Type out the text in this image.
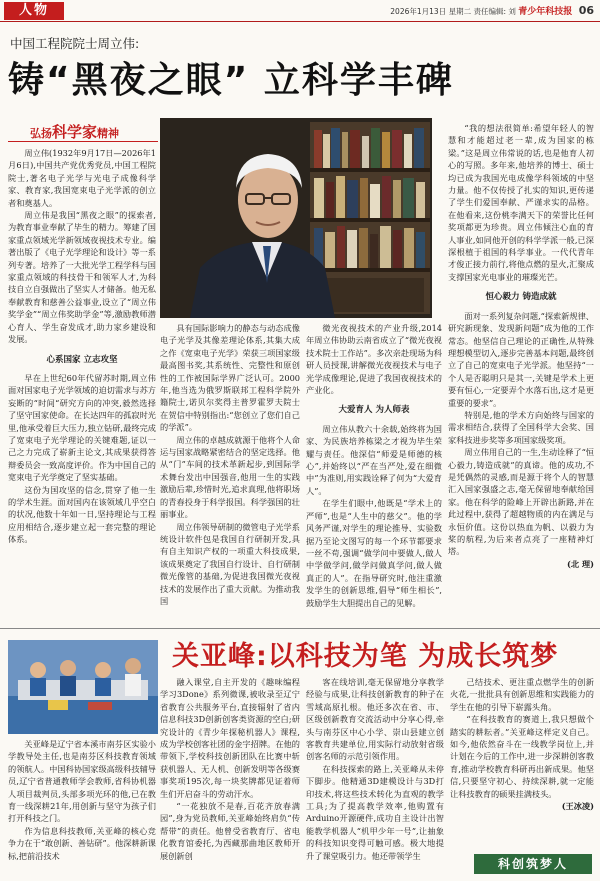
人物	2026年1月13日 星期二 责任编辑: 刘 青少年科技报 06
中国工程院院士周立伟:
铸“黑夜之眼” 立科学丰碑
弘扬科学家精神

周立伟(1932年9月17日—2026年1月6日),中国共产党优秀党员,中国工程院院士,著名电子光学与光电子成像科学家、教育家,我国宽束电子光学派的创立者和奠基人。

周立伟是我国“黑夜之眼”的探索者,为教育事业奉献了毕生的精力。筹建了国家重点领域光学新领域夜视技术专业。编著出版了《电子光学理论和设计》等一系列专著。培养了一大批光学工程学科与国家重点领域的科技骨干和领军人才,为科技自立自强做出了坚实人才储备。他无私奉献教育和慈善公益事业,设立了“周立伟奖学金”“周立伟奖助学金”等,激励教师潜心育人、学生奋发成才,助力家乡建设和发展。

心系国家 立志攻坚

早在上世纪60年代留苏时期,周立伟面对国家电子光学领域的迫切需求与苏方妄断的“时间“研究方向的冲突,毅然选择了坚守国家使命。在长达四年的孤寂时光里,他承受着巨大压力,独立钻研,最终完成了宽束电子光学理论的关键难题,证以一己之力完成了崭新主论文,其成果获得答辩委员会一致高度评价。作为中国自己的宽束电子光学奠定了坚实基础。

这份为国攻坚的信念,贯穿了他一生的学术生涯。面对国内在该领域几乎空白的状况,他数十年如一日,坚持理论与工程应用相结合,逐步建立起一套完整的理论体系。

具有国际影响力的静态与动态成像电子光学及其像差理论体系,其集大成之作《宽束电子光学》荣获三项国家级最高图书奖,其系统性、完整性和原创性的工作被国际学界广泛认可。2000年,他当选为俄罗斯联邦工程科学院外籍院士,诺贝尔奖得主普罗霍罗夫院士在贺信中特别指出:“您创立了您们自己的学派”。

周立伟的卓越成就源于他将个人命运与国家战略紧密结合的坚定选择。他从“门”车间的技术革新起步,到国际学术舞台发出中国强音,他用一生的实践激励后辈,珍惜时光,追求真理,他将职场的青春投身于科学报国。科学强国的壮丽事业。

周立伟领导研制的微管电子光学系统设计软件包是我国自行研制开发,具有自主知识产权的一项重大科技成果,该成果奠定了我国自行设计、自行研制微光像管的基础,为促进我国微光夜视技术的发展作出了重大贡献。为推动我国

微光夜视技术的产业升级,2014年周立伟协助云南省成立了“微光夜视技术院士工作站”。多次亲赴现场为科研人员授课,讲解微光夜视技术与电子光学成像理论,促进了我国夜视技术的产业化。

大爱育人 为人师表

周立伟从教六十余载,始终将为国家、为民族培养栋梁之才视为毕生荣耀与责任。他深信“师爱是师德的核心”,并始终以“严在当严处,爱在细微中”为准则,用实践诠释了何为“大爱育人”。

在学生们眼中,他既是“学术上的严师”,也是“人生中的慈父”。他的学风务严谨,对学生的理论推导、实验数据乃至论文图写的每一个环节都要求一丝不苟,强调“做学问中要做人,做人中学做学问,做学问做真学问,做人做真正的人”。在指导研究时,他注重激发学生的创新思维,倡导“师生相长”,鼓励学生大胆提出自己的见解。

“我的想法很简单:希望年轻人的智慧和才能超过老一辈,成为国家的栋梁。”这是周立伟常说的话,也是他育人初心的写照。多年来,他培养的博士、硕士均已成为我国光电成像学科领域的中坚力量。他不仅传授了扎实的知识,更传递了学生们爱国奉献、严谨求实的品格。在他看来,这份桃李满天下的荣誉比任何奖项都更为珍贵。周立伟倾注心血的育人事业,如同他开创的科学学派一般,已深深根植于祖国的科学事业。一代代青年才俊正接力前行,将他点燃的星火,汇聚成支撑国家光电事业的璀璨光芒。

恒心毅力 铸造成就

面对一系列复杂问题,“探索新规律、研究新现象、发现新问题”成为他的工作常态。他坚信自己理论的正确性,从特殊理想模型切入,逐步完善基本问题,最终创立了自己的宽束电子光学派。他坚持“一个人是否聪明只是其一,关键是学术上更要有恒心,一定要弄个水落石出,这才是更重要的要求”。

特别是,他的学术方向始终与国家的需求相结合,获得了全国科学大会奖、国家科技进步奖等多项国家级奖项。

周立伟用自己的一生,生动诠释了“恒心毅力,铸造成就”的真谛。他的成功,不是凭偶然的灵感,而是源于将个人的智慧汇入国家强盛之志,毫无保留地奉献给国家。他在科学的险峰上开辟出新路,并在此过程中,获得了超越物质的内在满足与永恒价值。这份以热血为帆、以毅力为桨的航程,为后来者点亮了一座精神灯塔。

(北 理)

关亚峰:以科技为笔 为成长筑梦

关亚峰是辽宁省本溪市南芬区实验小学教导处主任,也是南芬区科技教育领域的领航人。中国科协国家级高级科技辅导员,辽宁省普通教师学会教师,省科协机器人项目裁判员,头部多项光环的他,已在教育一线深耕21年,用创新与坚守为孩子们打开科技之门。

作为信息科技教师,关亚峰的核心竞争力在于“敢创新、善钻研”。他深耕新课标,把前沿技术

融入课堂,自主开发的《趣味编程 学习3Done》系列微课,被收录至辽宁省教育公共服务平台,直接辐射了省内信息科技3D创新创客类资源的空白;研究设计的《青少年探秘机器人》课程,成为学校创客社团的金字招牌。在他的带领下,学校科技创新团队在比赛中斩获机器人、无人机、创新发明等各级赛事奖项195次,每一块奖牌都见证着师生们开启奋斗的劳动汗水。

“一花独放不是春,百花齐放春满园”,身为党员教师,关亚峰始终肩负“传帮带”的责任。他曾受省教育厅、省电化教育馆委托,为西藏那曲地区教师开展创新创

客在线培训,毫无保留地分享教学经验与成果,让科技创新教育的种子在雪域高原扎根。他还多次在省、市、区级创新教育交流活动中分享心得,牵头与南芬区中心小学、崇山县建立创客教育共建单位,用实际行动放射省级创客名师的示范引领作用。

在科技探索的路上,关亚峰从未停下脚步。他精通3D建模设计与3D打印技术,将这些技术转化为直观的教学工具;为了提高教学效率,他购置有Arduino开源硬件,成功自主设计出智能教学机器人“机甲少年一号”,让抽象的科技知识变得可触可感。极大地提升了课堂吸引力。他还带领学生

己结技术、更注重点燃学生的创新火花,一批批具有创新思维和实践能力的学生在他的引导下崭露头角。

“在科技教育的赛道上,我只想做个踏实的耕耘者。”关亚峰这样定义自己。如今,他依然奋斗在一线教学岗位上,并计划在今后的工作中,进一步深耕创客教育,推动学校教育科研再出新成果。他坚信,只要坚守初心、持续深耕,就一定能让科技教育的硕果挂满枝头。

(王冰凌)

科创筑梦人
